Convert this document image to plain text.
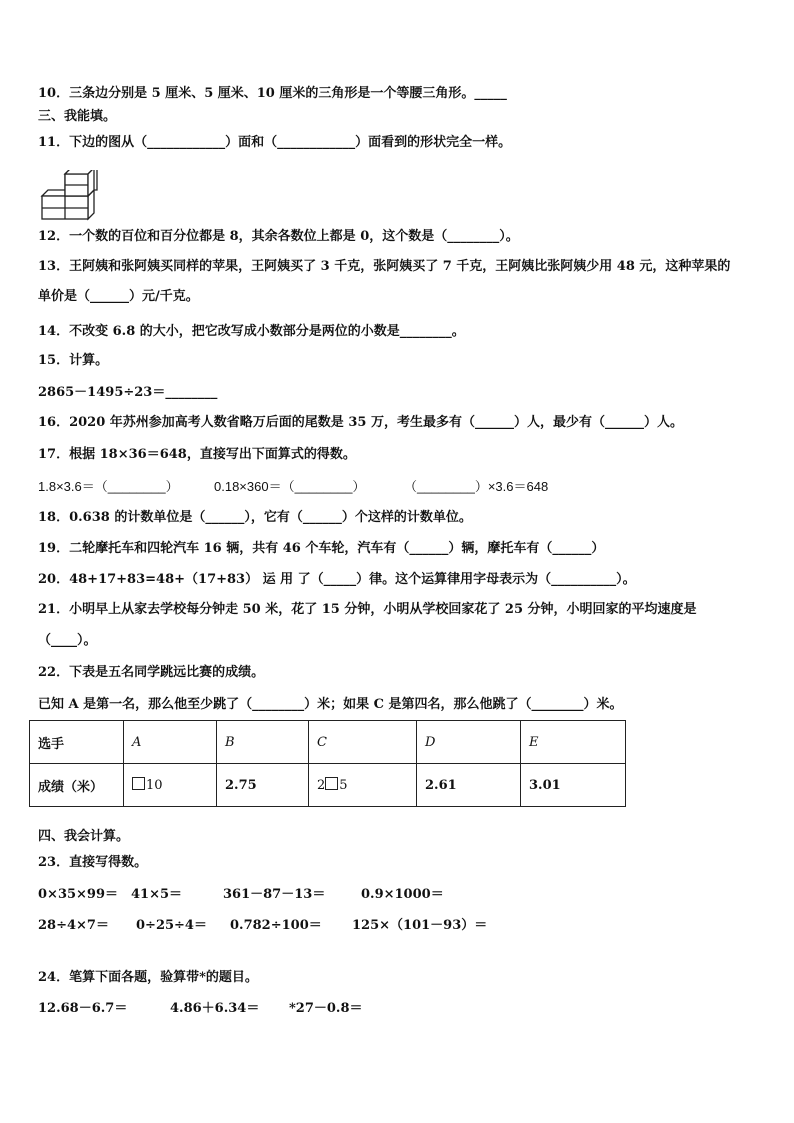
10．三条边分别是 5 厘米、5 厘米、10 厘米的三角形是一个等腰三角形。_____
三、我能填。
11．下边的图从（____________）面和（____________）面看到的形状完全一样。
12．一个数的百位和百分位都是 8，其余各数位上都是 0，这个数是（________）。
13．王阿姨和张阿姨买同样的苹果，王阿姨买了 3 千克，张阿姨买了 7 千克，王阿姨比张阿姨少用 48 元，这种苹果的
单价是（______）元/千克。
14．不改变 6.8 的大小，把它改写成小数部分是两位的小数是________。
15．计算。
2865－1495÷23＝________
16．2020 年苏州参加高考人数省略万后面的尾数是 35 万，考生最多有（______）人，最少有（______）人。
17．根据 18×36＝648，直接写出下面算式的得数。
1.8×3.6＝（________）	0.18×360＝（________）	（________）×3.6＝648
18．0.638 的计数单位是（______），它有（______）个这样的计数单位。
19．二轮摩托车和四轮汽车 16 辆，共有 46 个车轮，汽车有（______）辆，摩托车有（______）
20．48+17+83=48+（17+83） 运 用 了（_____）律。这个运算律用字母表示为（__________）。
21．小明早上从家去学校每分钟走 50 米，花了 15 分钟，小明从学校回家花了 25 分钟，小明回家的平均速度是
（____）。
22．下表是五名同学跳远比赛的成绩。
已知 A 是第一名，那么他至少跳了（________）米；如果 C 是第四名，那么他跳了（________）米。
选手	A	B	C	D	E
成绩（米）	10	2.75	2 5	2.61	3.01
四、我会计算。
23．直接写得数。
0×35×99＝ 41×5＝	361－87－13＝	0.9×1000＝
28÷4×7＝ 0÷25÷4＝ 0.782÷100＝ 125×（101－93）＝
24．笔算下面各题，验算带*的题目。
12.68－6.7＝	4.86＋6.34＝ *27－0.8＝
